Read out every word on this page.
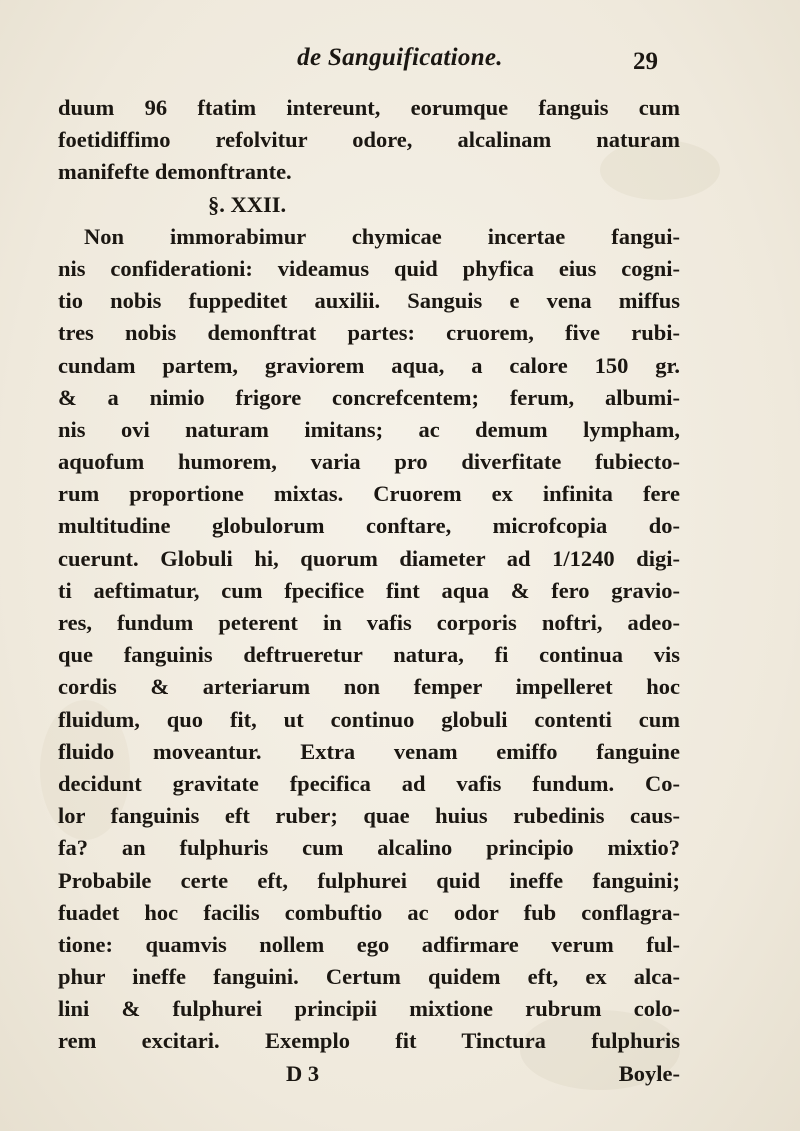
de Sanguificatione.	29
duum 96 ftatim intereunt, eorumque fanguis cum
foetidiffimo refolvitur odore, alcalinam naturam
manifefte demonftrante.
§. XXII.
Non immorabimur chymicae incertae fangui-
nis confiderationi: videamus quid phyfica eius cogni-
tio nobis fuppeditet auxilii. Sanguis e vena miffus
tres nobis demonftrat partes: cruorem, five rubi-
cundam partem, graviorem aqua, a calore 150 gr.
& a nimio frigore concrefcentem; ferum, albumi-
nis ovi naturam imitans; ac demum lympham,
aquofum humorem, varia pro diverfitate fubiecto-
rum proportione mixtas. Cruorem ex infinita fere
multitudine globulorum conftare, microfcopia do-
cuerunt. Globuli hi, quorum diameter ad 1/1240 digi-
ti aeftimatur, cum fpecifice fint aqua & fero gravio-
res, fundum peterent in vafis corporis noftri, adeo-
que fanguinis deftrueretur natura, fi continua vis
cordis & arteriarum non femper impelleret hoc
fluidum, quo fit, ut continuo globuli contenti cum
fluido moveantur. Extra venam emiffo fanguine
decidunt gravitate fpecifica ad vafis fundum. Co-
lor fanguinis eft ruber; quae huius rubedinis caus-
fa? an fulphuris cum alcalino principio mixtio?
Probabile certe eft, fulphurei quid ineffe fanguini;
fuadet hoc facilis combuftio ac odor fub conflagra-
tione: quamvis nollem ego adfirmare verum ful-
phur ineffe fanguini. Certum quidem eft, ex alca-
lini & fulphurei principii mixtione rubrum colo-
rem excitari. Exemplo fit Tinctura fulphuris
D 3	Boyle-
